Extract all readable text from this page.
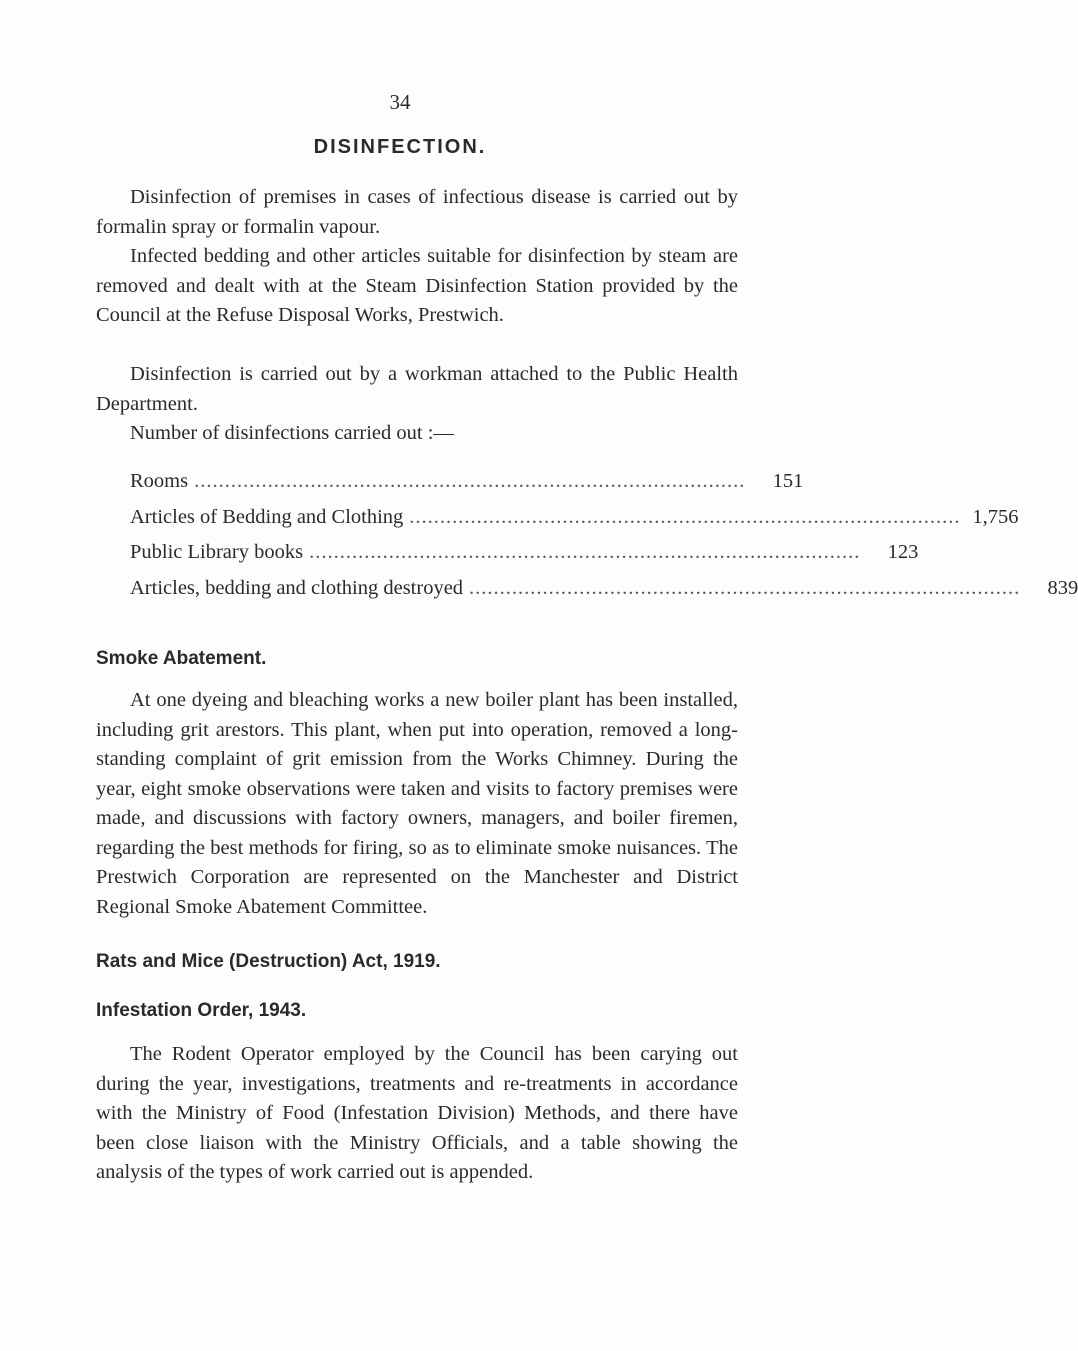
34
DISINFECTION.

Disinfection of premises in cases of infectious disease is carried out by formalin spray or formalin vapour.

Infected bedding and other articles suitable for disinfection by steam are removed and dealt with at the Steam Disinfection Station provided by the Council at the Refuse Disposal Works, Prestwich.

Disinfection is carried out by a workman attached to the Public Health Department.

Number of disinfections carried out :—
Rooms ..........................................................................................	151
Articles of Bedding and Clothing .......................................................................................... 1,756
Public Library books ..........................................................................................	123
Articles, bedding and clothing destroyed ..........................................................................................	839
Smoke Abatement.

At one dyeing and bleaching works a new boiler plant has been installed, including grit arestors. This plant, when put into operation, removed a long-standing complaint of grit emission from the Works Chimney. During the year, eight smoke observations were taken and visits to factory premises were made, and discussions with factory owners, managers, and boiler firemen, regarding the best methods for firing, so as to eliminate smoke nuisances. The Prestwich Corporation are represented on the Manchester and District Regional Smoke Abatement Committee.

Rats and Mice (Destruction) Act, 1919.
Infestation Order, 1943.

The Rodent Operator employed by the Council has been carying out during the year, investigations, treatments and re-treatments in accordance with the Ministry of Food (Infestation Division) Methods, and there have been close liaison with the Ministry Officials, and a table showing the analysis of the types of work carried out is appended.
